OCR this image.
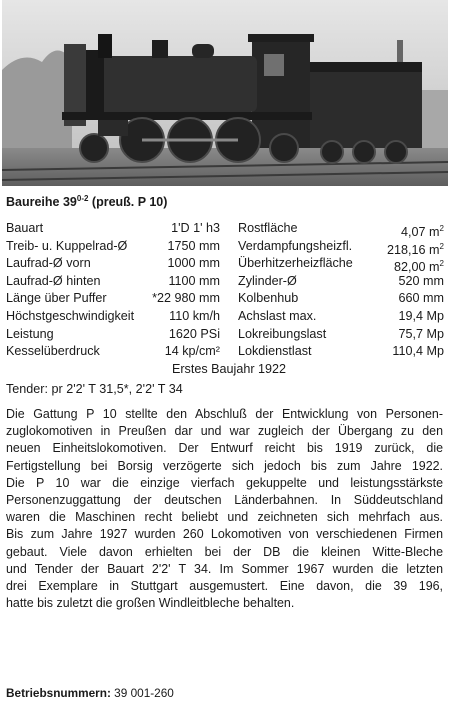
Baureihe 39$^{0-2}$ (preuß. P 10)
Bauart	1'D 1' h3 Rostfläche	4,07 $m^2$
Treib- u. Kuppelrad-Ø	1750 mm Verdampfungsheizfl.	218,16 $m^2$
Laufrad-Ø vorn	1000 mm Überhitzerheizfläche	82,00 $m^2$
Laufrad-Ø hinten	1100 mm Zylinder-Ø	520 mm
Länge über Puffer	*22 980 mm Kolbenhub	660 mm
Höchstgeschwindigkeit	110 km/h Achslast max.	19,4 Mp
Leistung	1620 PSi Lokreibungslast	75,7 Mp
Kesselüberdruck	14 kp/cm² Lokdienstlast	110,4 Mp
Erstes Baujahr 1922
Tender: pr 2'2' T 31,5*, 2'2' T 34
Die Gattung P 10 stellte den Abschluß der Entwicklung von Personen-
zuglokomotiven in Preußen dar und war zugleich der Übergang zu den
neuen Einheitslokomotiven. Der Entwurf reicht bis 1919 zurück, die
Fertigstellung bei Borsig verzögerte sich jedoch bis zum Jahre 1922.
Die P 10 war die einzige vierfach gekuppelte und leistungsstärkste
Personenzuggattung der deutschen Länderbahnen. In Süddeutschland
waren die Maschinen recht beliebt und zeichneten sich mehrfach aus.
Bis zum Jahre 1927 wurden 260 Lokomotiven von verschiedenen Firmen
gebaut. Viele davon erhielten bei der DB die kleinen Witte-Bleche
und Tender der Bauart 2'2' T 34. Im Sommer 1967 wurden die letzten
drei Exemplare in Stuttgart ausgemustert. Eine davon, die 39 196,
hatte bis zuletzt die großen Windleitbleche behalten.
Betriebsnummern: 39 001-260
